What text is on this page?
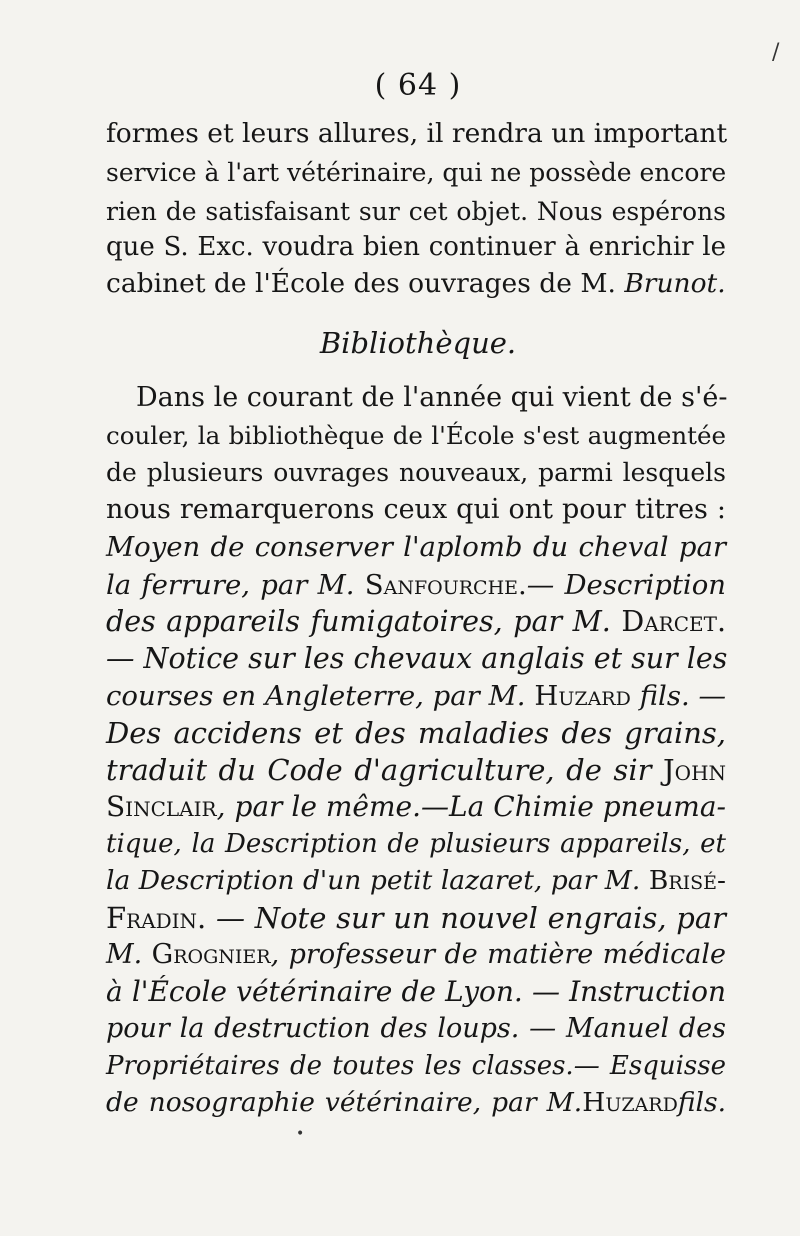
( 64 )
formes et leurs allures, il rendra un important
service à l'art vétérinaire, qui ne possède encore
rien de satisfaisant sur cet objet. Nous espérons
que S. Exc. voudra bien continuer à enrichir le
cabinet de l'École des ouvrages de M. Brunot.
Bibliothèque.
Dans le courant de l'année qui vient de s'é-
couler, la bibliothèque de l'École s'est augmentée
de plusieurs ouvrages nouveaux, parmi lesquels
nous remarquerons ceux qui ont pour titres :
Moyen de conserver l'aplomb du cheval par
la ferrure, par M. Sanfourche.— Description
des appareils fumigatoires, par M. Darcet.
— Notice sur les chevaux anglais et sur les
courses en Angleterre, par M. Huzard fils. —
Des accidens et des maladies des grains,
traduit du Code d'agriculture, de sir John
Sinclair, par le même.—La Chimie pneuma-
tique, la Description de plusieurs appareils, et
la Description d'un petit lazaret, par M. Brisé-
Fradin. — Note sur un nouvel engrais, par
M. Grognier, professeur de matière médicale
à l'École vétérinaire de Lyon. — Instruction
pour la destruction des loups. — Manuel des
Propriétaires de toutes les classes.— Esquisse
de nosographie vétérinaire, par M.Huzardfils.
/
•
